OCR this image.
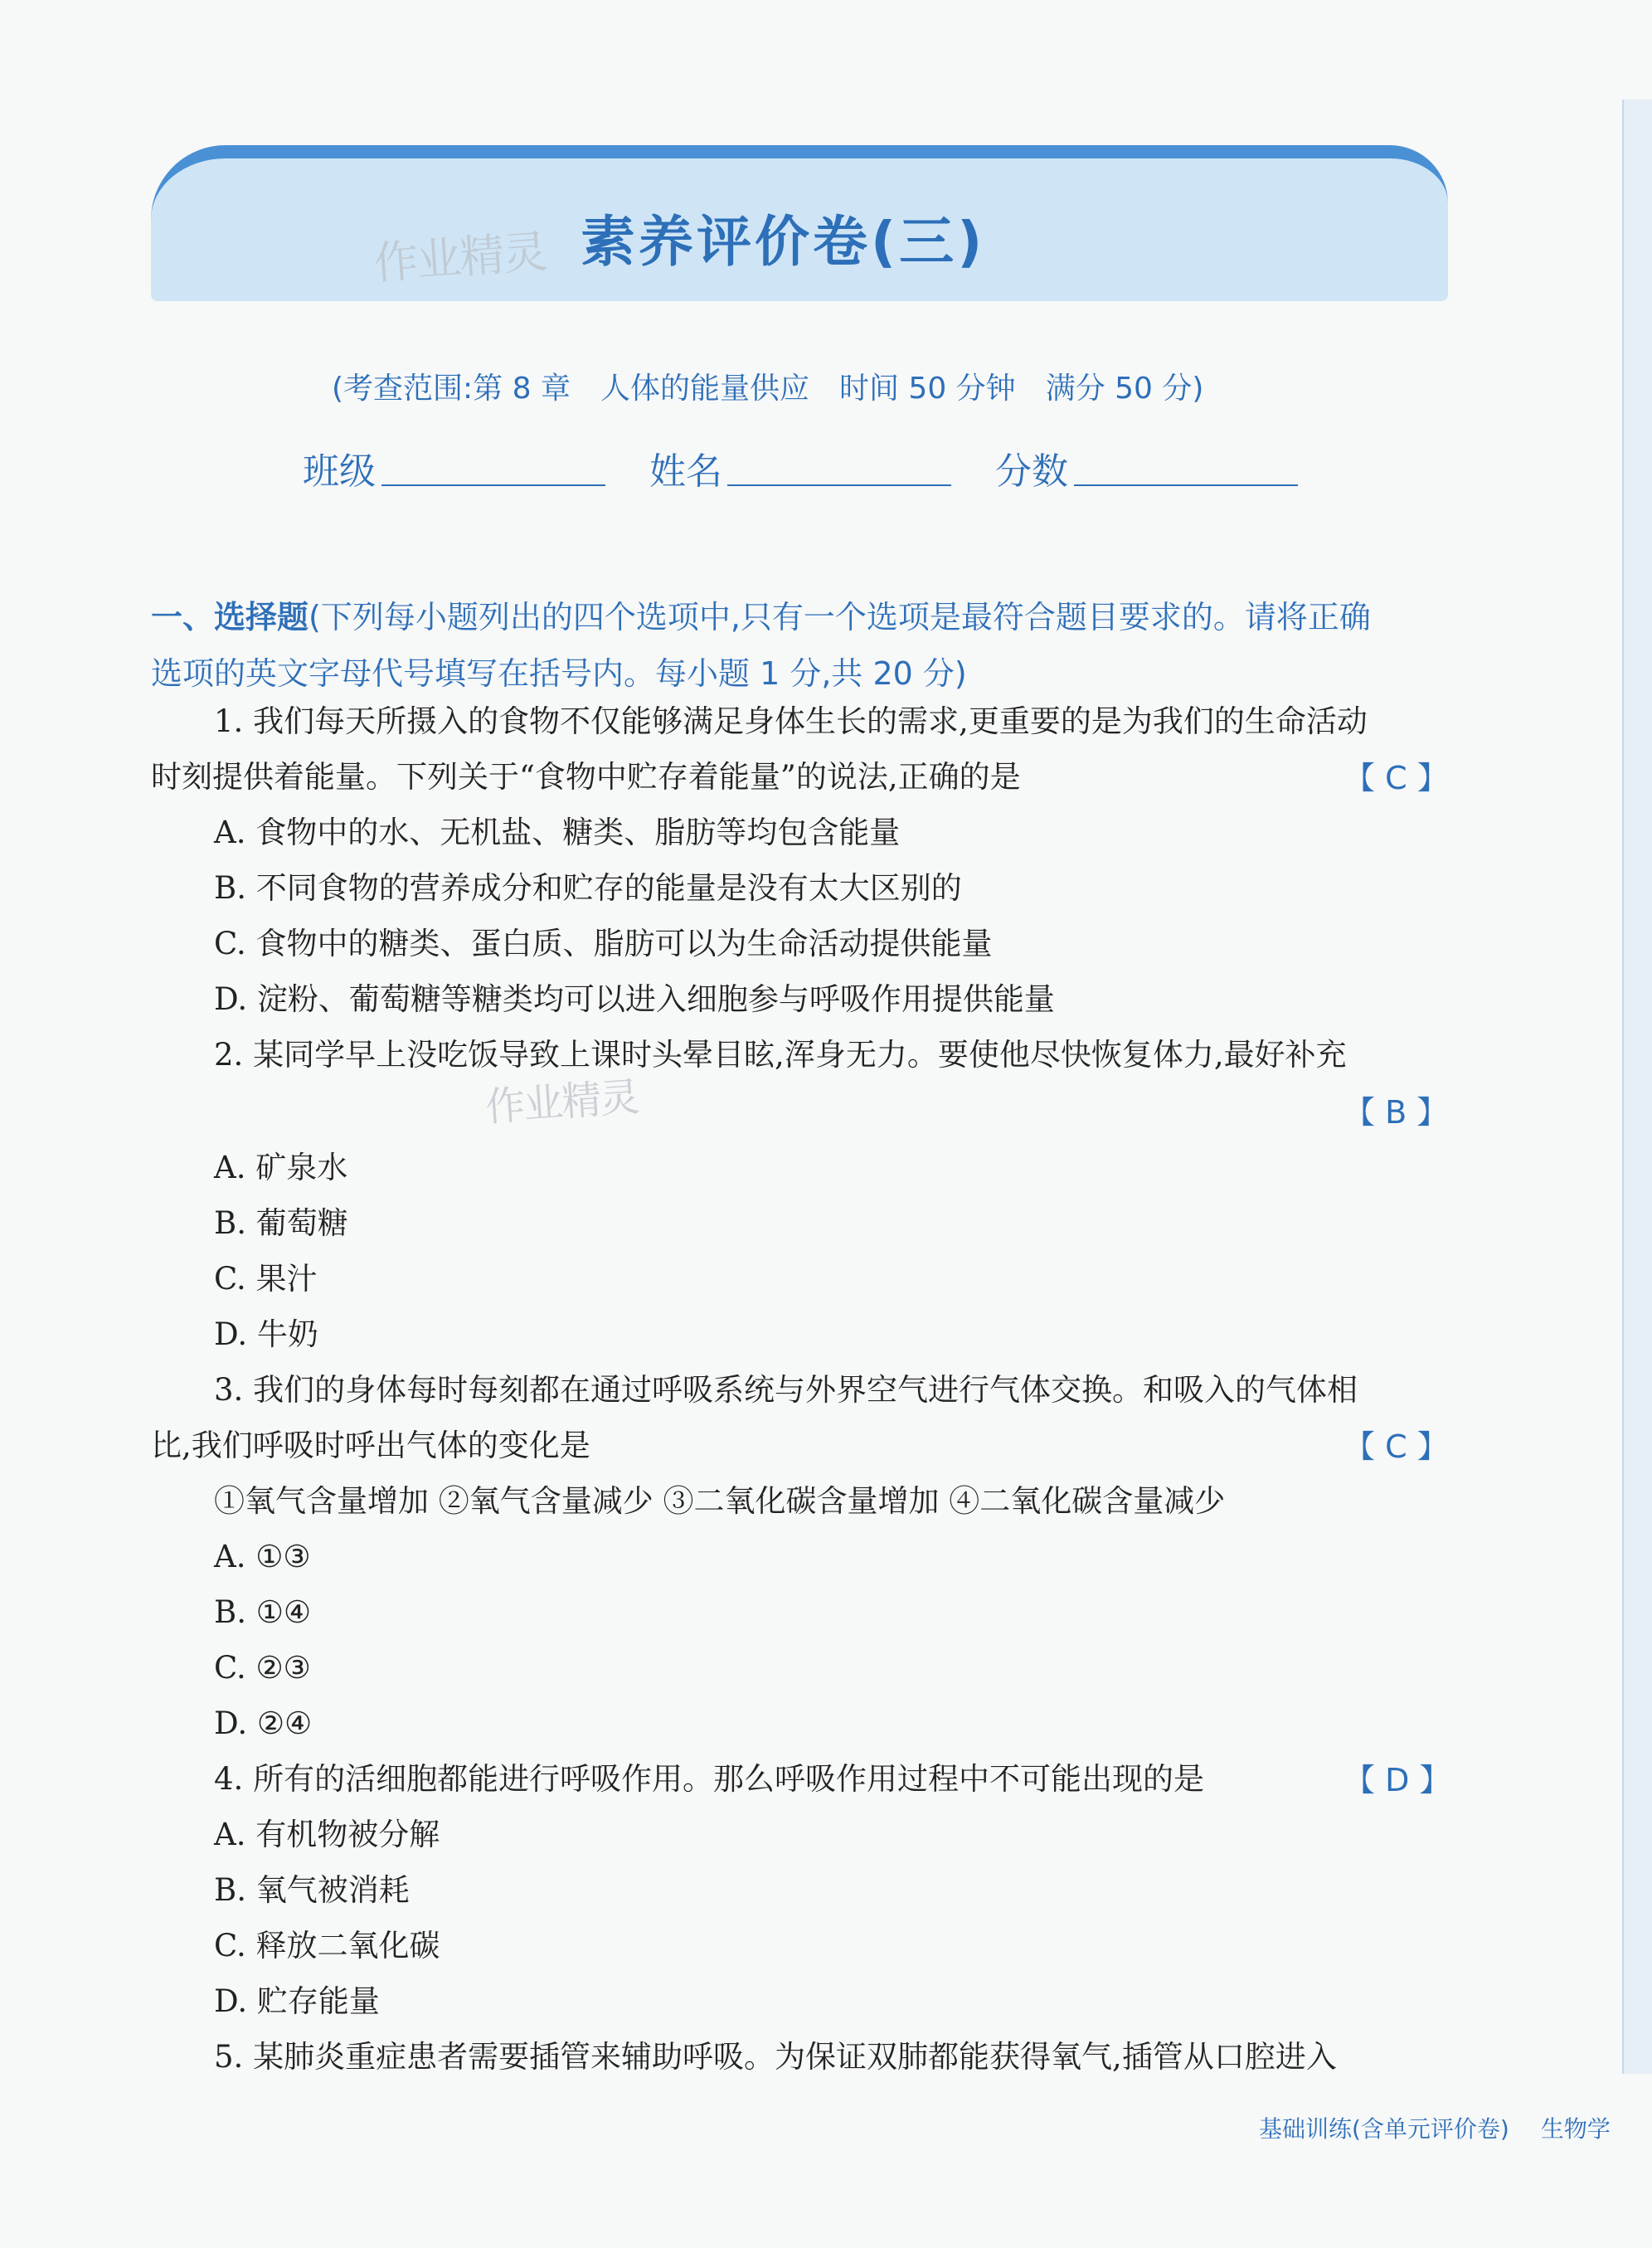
作业精灵 素养评价卷(三)
(考查范围:第 8 章 人体的能量供应 时间 50 分钟 满分 50 分)
班级	姓名	分数
一、选择题(下列每小题列出的四个选项中,只有一个选项是最符合题目要求的。请将正确
选项的英文字母代号填写在括号内。每小题 1 分,共 20 分)
1. 我们每天所摄入的食物不仅能够满足身体生长的需求,更重要的是为我们的生命活动
时刻提供着能量。下列关于“食物中贮存着能量”的说法,正确的是	【 C 】
A. 食物中的水、无机盐、糖类、脂肪等均包含能量
B. 不同食物的营养成分和贮存的能量是没有太大区别的
C. 食物中的糖类、蛋白质、脂肪可以为生命活动提供能量
D. 淀粉、葡萄糖等糖类均可以进入细胞参与呼吸作用提供能量
2. 某同学早上没吃饭导致上课时头晕目眩,浑身无力。要使他尽快恢复体力,最好补充
作业精灵	【 B 】
A. 矿泉水
B. 葡萄糖
C. 果汁
D. 牛奶
3. 我们的身体每时每刻都在通过呼吸系统与外界空气进行气体交换。和吸入的气体相
比,我们呼吸时呼出气体的变化是	【 C 】
①氧气含量增加 ②氧气含量减少 ③二氧化碳含量增加 ④二氧化碳含量减少
A. ①③
B. ①④
C. ②③
D. ②④
4. 所有的活细胞都能进行呼吸作用。那么呼吸作用过程中不可能出现的是	【 D 】
A. 有机物被分解
B. 氧气被消耗
C. 释放二氧化碳
D. 贮存能量
5. 某肺炎重症患者需要插管来辅助呼吸。为保证双肺都能获得氧气,插管从口腔进入
基础训练(含单元评价卷) 生物学
